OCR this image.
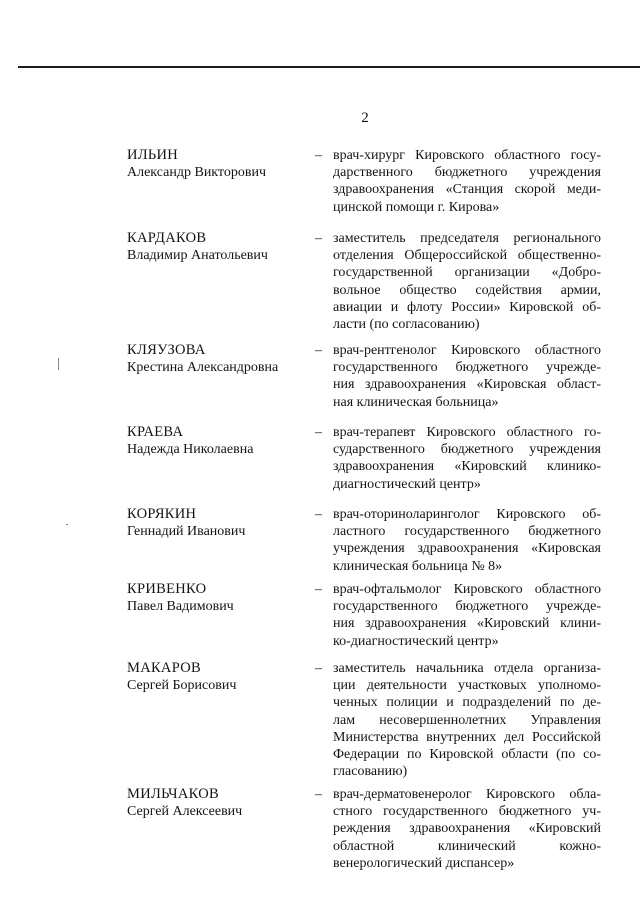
2
ИЛЬИН
Александр Викторович
– врач-хирург Кировского областного госу-
дарственного бюджетного учреждения
здравоохранения «Станция скорой меди-
цинской помощи г. Кирова»
КАРДАКОВ
Владимир Анатольевич
– заместитель председателя регионального
отделения Общероссийской общественно-
государственной организации «Добро-
вольное общество содействия армии,
авиации и флоту России» Кировской об-
ласти (по согласованию)
КЛЯУЗОВА
Крестина Александровна
– врач-рентгенолог Кировского областного
государственного бюджетного учрежде-
ния здравоохранения «Кировская област-
ная клиническая больница»
КРАЕВА
Надежда Николаевна
– врач-терапевт Кировского областного го-
сударственного бюджетного учреждения
здравоохранения «Кировский клинико-
диагностический центр»
КОРЯКИН
Геннадий Иванович
– врач-оториноларинголог Кировского об-
ластного государственного бюджетного
учреждения здравоохранения «Кировская
клиническая больница № 8»
КРИВЕНКО
Павел Вадимович
– врач-офтальмолог Кировского областного
государственного бюджетного учрежде-
ния здравоохранения «Кировский клини-
ко-диагностический центр»
МАКАРОВ
Сергей Борисович
– заместитель начальника отдела организа-
ции деятельности участковых уполномо-
ченных полиции и подразделений по де-
лам несовершеннолетних Управления
Министерства внутренних дел Российской
Федерации по Кировской области (по со-
гласованию)
МИЛЬЧАКОВ
Сергей Алексеевич
– врач-дерматовенеролог Кировского обла-
стного государственного бюджетного уч-
реждения здравоохранения «Кировский
областной клинический кожно-
венерологический диспансер»
